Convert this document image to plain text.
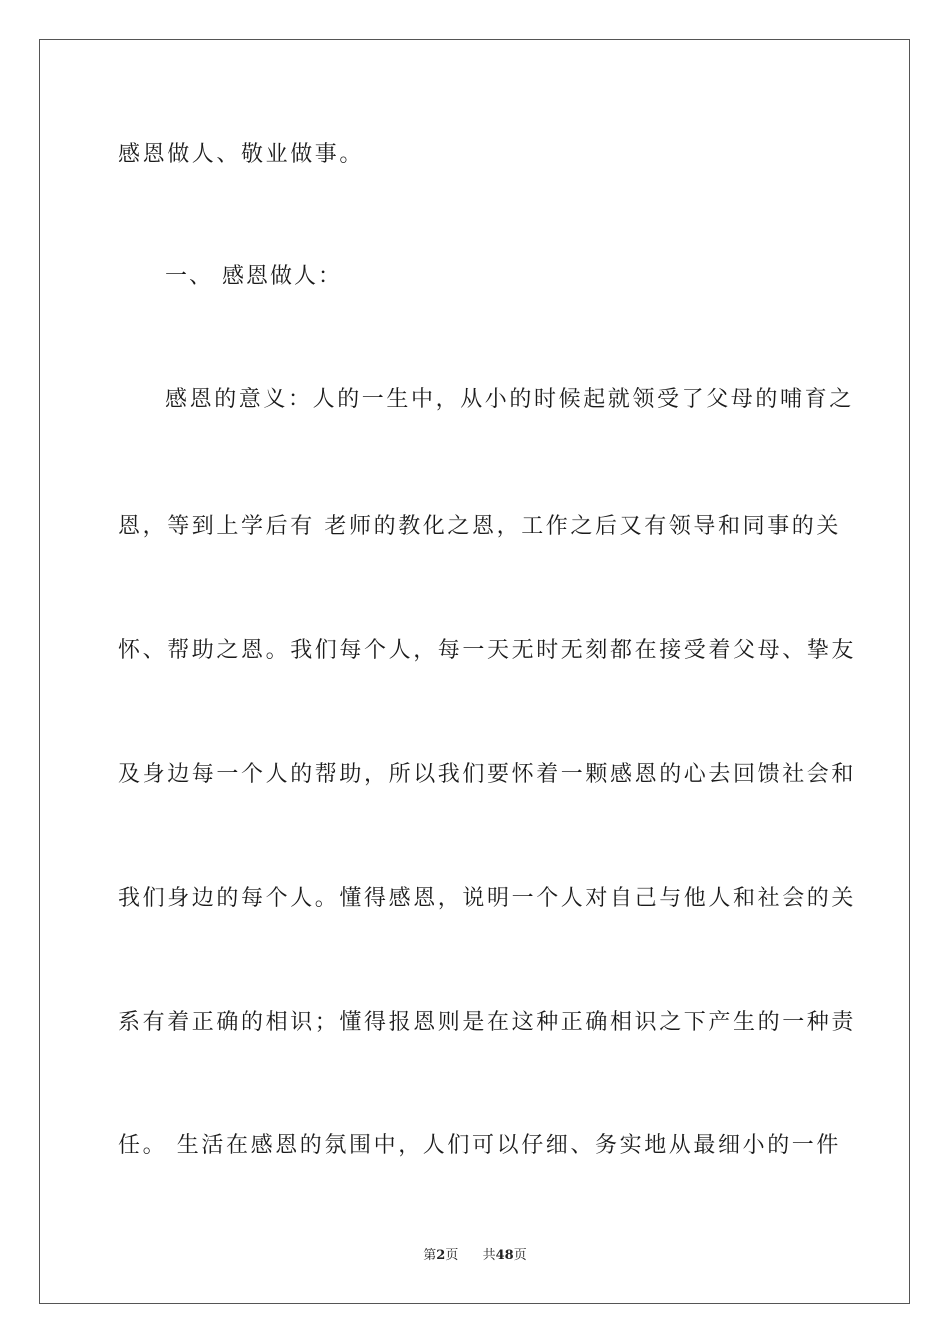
感恩做人、敬业做事。
一、 感恩做人：
感恩的意义：人的一生中，从小的时候起就领受了父母的哺育之
恩，等到上学后有 老师的教化之恩，工作之后又有领导和同事的关
怀、帮助之恩。我们每个人，每一天无时无刻都在接受着父母、挚友
及身边每一个人的帮助，所以我们要怀着一颗感恩的心去回馈社会和
我们身边的每个人。懂得感恩，说明一个人对自己与他人和社会的关
系有着正确的相识；懂得报恩则是在这种正确相识之下产生的一种责
任。 生活在感恩的氛围中，人们可以仔细、务实地从最细小的一件
第2页 共48页
